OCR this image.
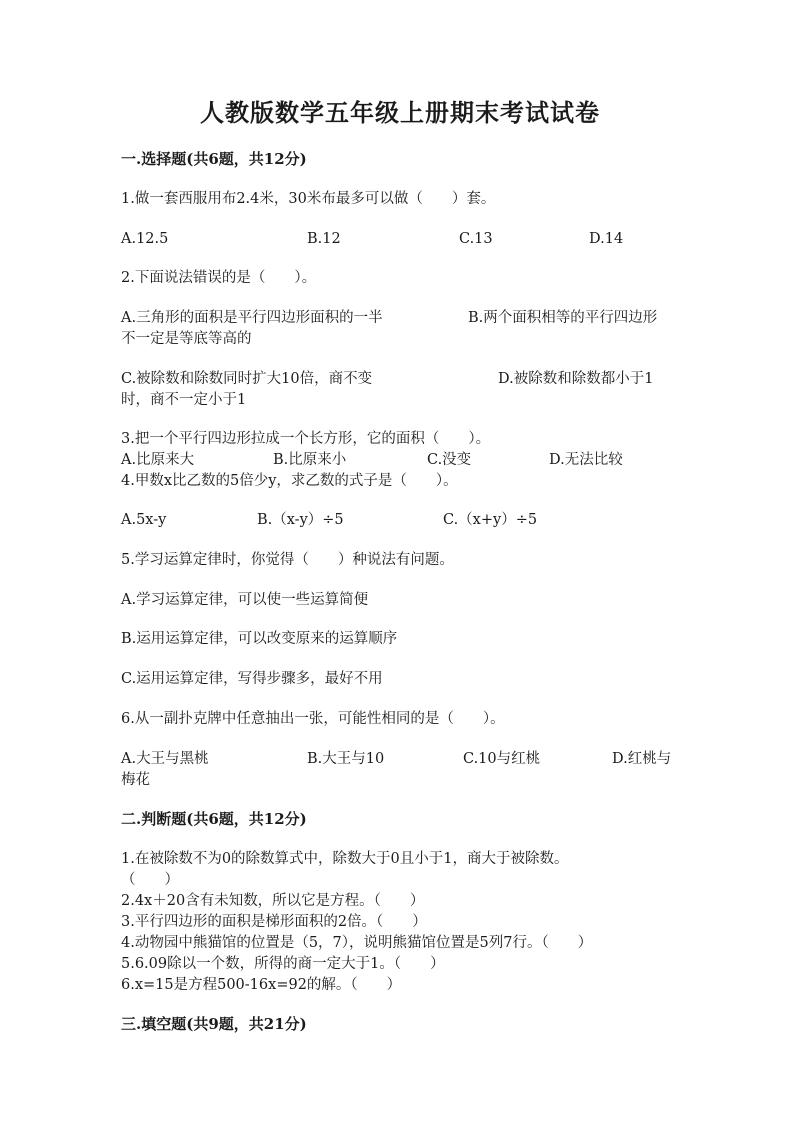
人教版数学五年级上册期末考试试卷
一.选择题(共6题，共12分)
1.做一套西服用布2.4米，30米布最多可以做（　　）套。
A.12.5	B.12	C.13	D.14
2.下面说法错误的是（　　）。
A.三角形的面积是平行四边形面积的一半	B.两个面积相等的平行四边形
不一定是等底等高的
C.被除数和除数同时扩大10倍，商不变	D.被除数和除数都小于1
时，商不一定小于1
3.把一个平行四边形拉成一个长方形，它的面积（　　）。
A.比原来大	B.比原来小	C.没变	D.无法比较
4.甲数x比乙数的5倍少y，求乙数的式子是（　　）。
A.5x-y	B.（x-y）÷5	C.（x+y）÷5
5.学习运算定律时，你觉得（　　）种说法有问题。
A.学习运算定律，可以使一些运算简便
B.运用运算定律，可以改变原来的运算顺序
C.运用运算定律，写得步骤多，最好不用
6.从一副扑克牌中任意抽出一张，可能性相同的是（　　）。
A.大王与黑桃	B.大王与10	C.10与红桃	D.红桃与
梅花
二.判断题(共6题，共12分)
1.在被除数不为0的除数算式中，除数大于0且小于1，商大于被除数。
（　　）
2.4x＋20含有未知数，所以它是方程。（　　）
3.平行四边形的面积是梯形面积的2倍。（　　）
4.动物园中熊猫馆的位置是（5，7），说明熊猫馆位置是5列7行。（　　）
5.6.09除以一个数，所得的商一定大于1。（　　）
6.x=15是方程500-16x=92的解。（　　）
三.填空题(共9题，共21分)
